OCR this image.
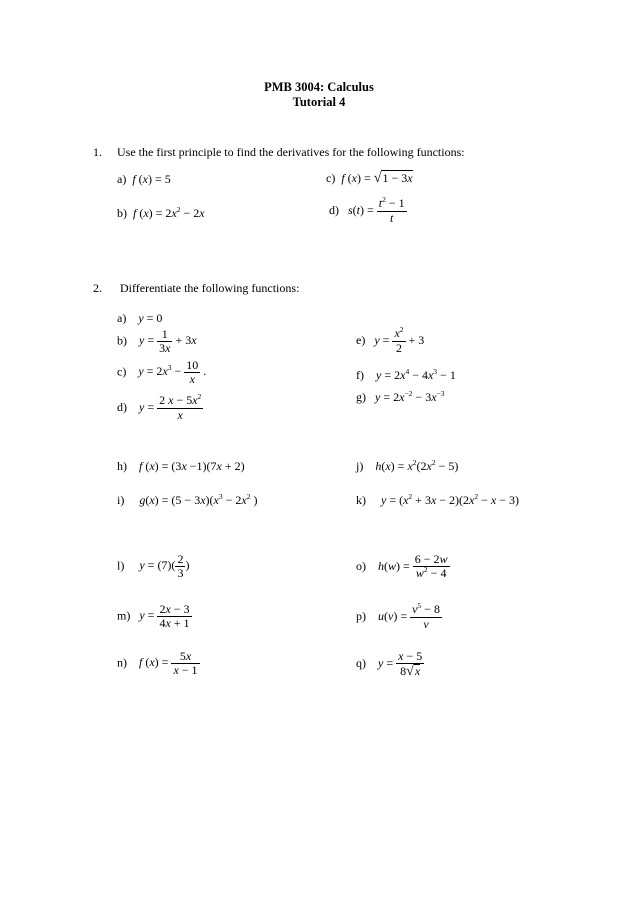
PMB 3004: Calculus
Tutorial 4
1. Use the first principle to find the derivatives for the following functions:
a) f (x) = 5
b) f $(x) = 2x^2 - 2x$
c) f (x) = √1 − 3x
d) $s(t) = \frac{t^2 - 1}{t}$
2. Differentiate the following functions:
a) y = 0
b) $y = \frac{1}{3x} + 3x$
c) $y = 2x^3 - \frac{10}{x}$ .
d) $y = \frac{2 x - 5x^2}{x}$
e) $y = \frac{x^2}{2} + 3$
f) $y = 2x^4 - 4x^3 - 1$
g) $y = 2x^{-2} - 3x^{-3}$
h) f (x) = (3x −1)(7x + 2)	j) $h(x) = x^2(2x^2 - 5)$
i) $g(x) = (5 - 3x)(x^3 - 2x^2$ )	k) $y = (x^2 + 3x - 2)(2x^2 - x - 3)$
l) $y = (7)( \frac{2}{3}$ )	o) $h(w) = \frac{6 - 2w}{w^2 - 4}$
m) $y = \frac{2x - 3}{4x + 1}$	p) $u(v) = \frac{v^5 - 8}{v}$
n) f $(x) = \frac{5x}{x - 1}$	q) $y = \frac{x - 5}{8√x}$
